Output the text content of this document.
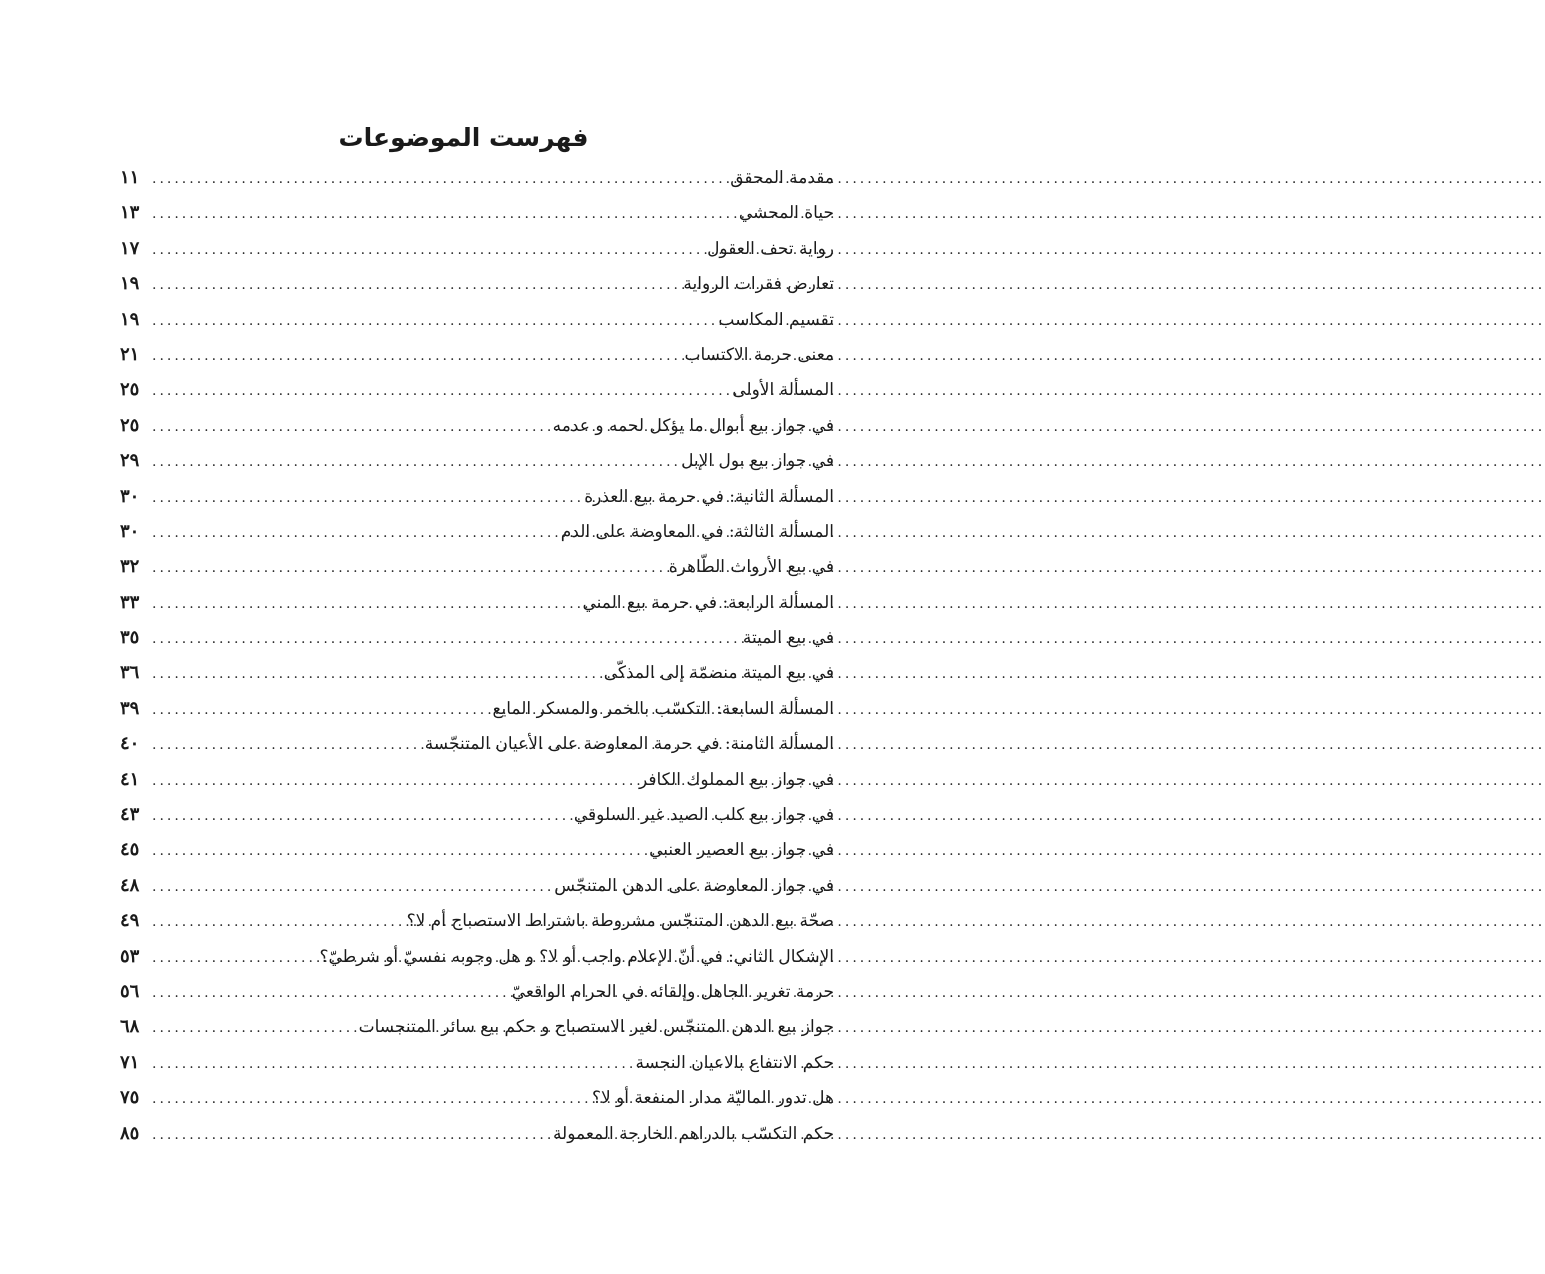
فهرست الموضوعات
مقدمة المحقق
.....
١١
حياة المحشي
.....
١٣
رواية تحف العقول
.....
١٧
تعارض فقرات الرواية
.....
١٩
تقسيم المكاسب
.....
١٩
معنى حرمة الاكتساب
.....
٢١
المسألة الأولى
.....
٢٥
في جواز بيع أبوال ما يؤكل لحمه و عدمه
.....
٢٥
في جواز بيع بول الإبل
.....
٢٩
المسألة الثانية: في حرمة بيع العذرة
.....
٣٠
المسألة الثالثة: في المعاوضة على الدم
.....
٣٠
في بيع الأرواث الطّاهرة
.....
٣٢
المسألة الرابعة: في حرمة بيع المني
.....
٣٣
في بيع الميتة
.....
٣٥
في بيع الميتة منضمّة إلى المذكّى
.....
٣٦
المسألة السابعة: التكسّب بالخمر والمسكر المايع
.....
٣٩
المسألة الثامنة: في حرمة المعاوضة على الأعيان المتنجّسة
.....
٤٠
في جواز بيع المملوك الكافر
.....
٤١
في جواز بيع كلب الصيد غير السلوقي
.....
٤٣
في جواز بيع العصير العنبي
.....
٤٥
في جواز المعاوضة على الدهن المتنجّس
.....
٤٨
صحّة بيع الدهن المتنجّس مشروطة باشتراط الاستصباح أم لا؟
.....
٤٩
الإشكال الثاني: في أنّ الإعلام واجب أو لا؟ و هل وجوبه نفسيّ أو شرطيّ؟
.....
٥٣
حرمة تغرير الجاهل وإلقائه في الحرام الواقعيّ
.....
٥٦
جواز بيع الدهن المتنجّس لغير الاستصباح و حكم بيع سائر المتنجسات
.....
٦٨
حكم الانتفاع بالاعيان النجسة
.....
٧١
هل تدور الماليّة مدار المنفعة أو لا؟
.....
٧٥
حكم التكسّب بالدراهم الخارجة المعمولة
.....
٨٥
